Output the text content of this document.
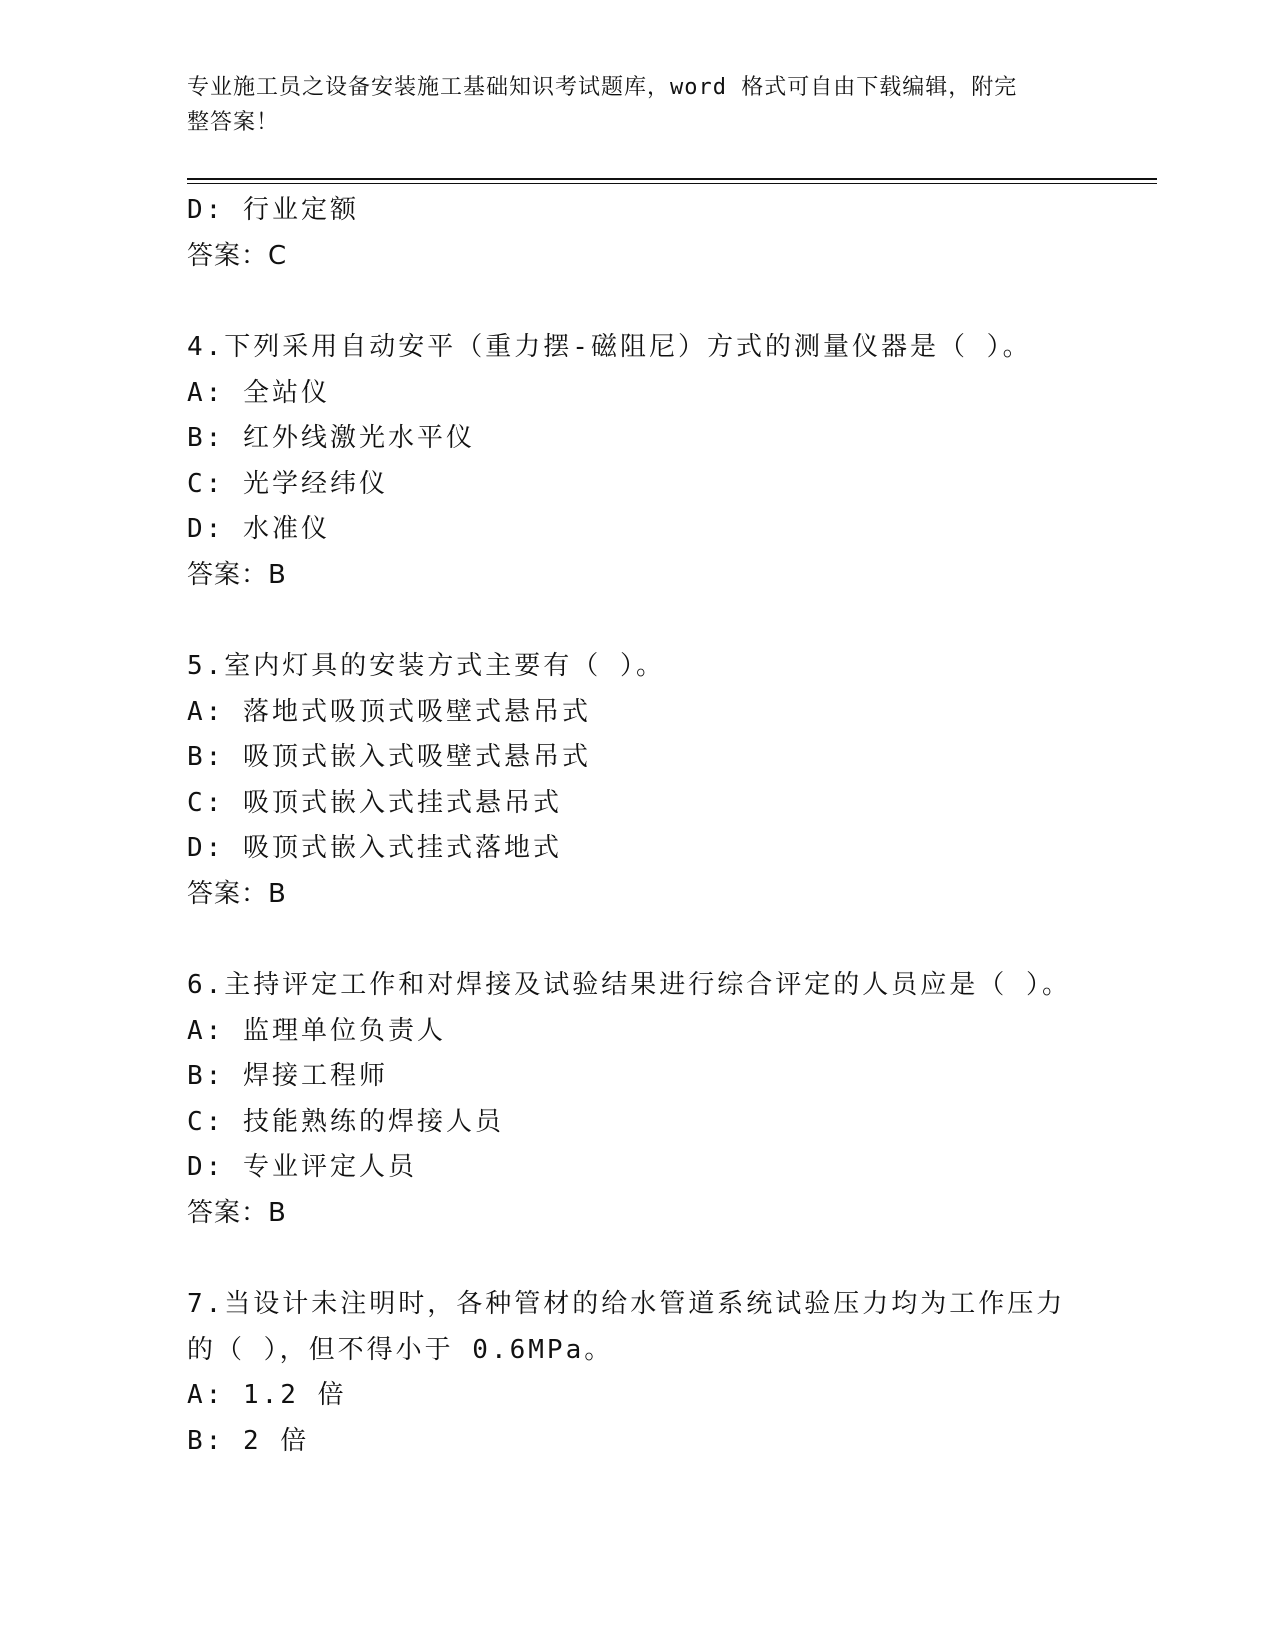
专业施工员之设备安装施工基础知识考试题库，word 格式可自由下载编辑，附完
整答案！
D: 行业定额
答案：C
4.下列采用自动安平（重力摆-磁阻尼）方式的测量仪器是（ ）。
A: 全站仪
B: 红外线激光水平仪
C: 光学经纬仪
D: 水准仪
答案：B
5.室内灯具的安装方式主要有（ ）。
A: 落地式吸顶式吸壁式悬吊式
B: 吸顶式嵌入式吸壁式悬吊式
C: 吸顶式嵌入式挂式悬吊式
D: 吸顶式嵌入式挂式落地式
答案：B
6.主持评定工作和对焊接及试验结果进行综合评定的人员应是（ ）。
A: 监理单位负责人
B: 焊接工程师
C: 技能熟练的焊接人员
D: 专业评定人员
答案：B
7.当设计未注明时，各种管材的给水管道系统试验压力均为工作压力
的（ ），但不得小于 0.6MPa。
A: 1.2 倍
B: 2 倍
